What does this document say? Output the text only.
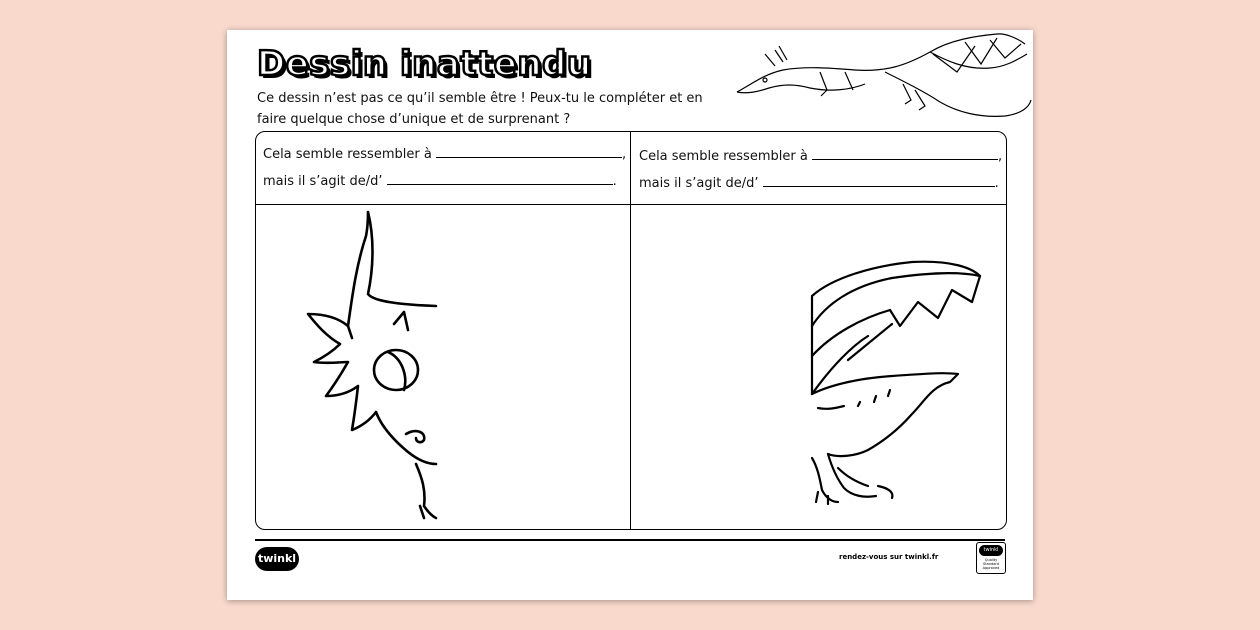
Dessin inattendu

Ce dessin n’est pas ce qu’il semble être ! Peux-tu le compléter et en
faire quelque chose d’unique et de surprenant ?

Cela semble ressembler à	,
mais il s’agit de/d’	.
Cela semble ressembler à	,
mais il s’agit de/d’	.
twinkl	rendez-vous sur twinkl.fr
twinkl
Quality Standard Approved
